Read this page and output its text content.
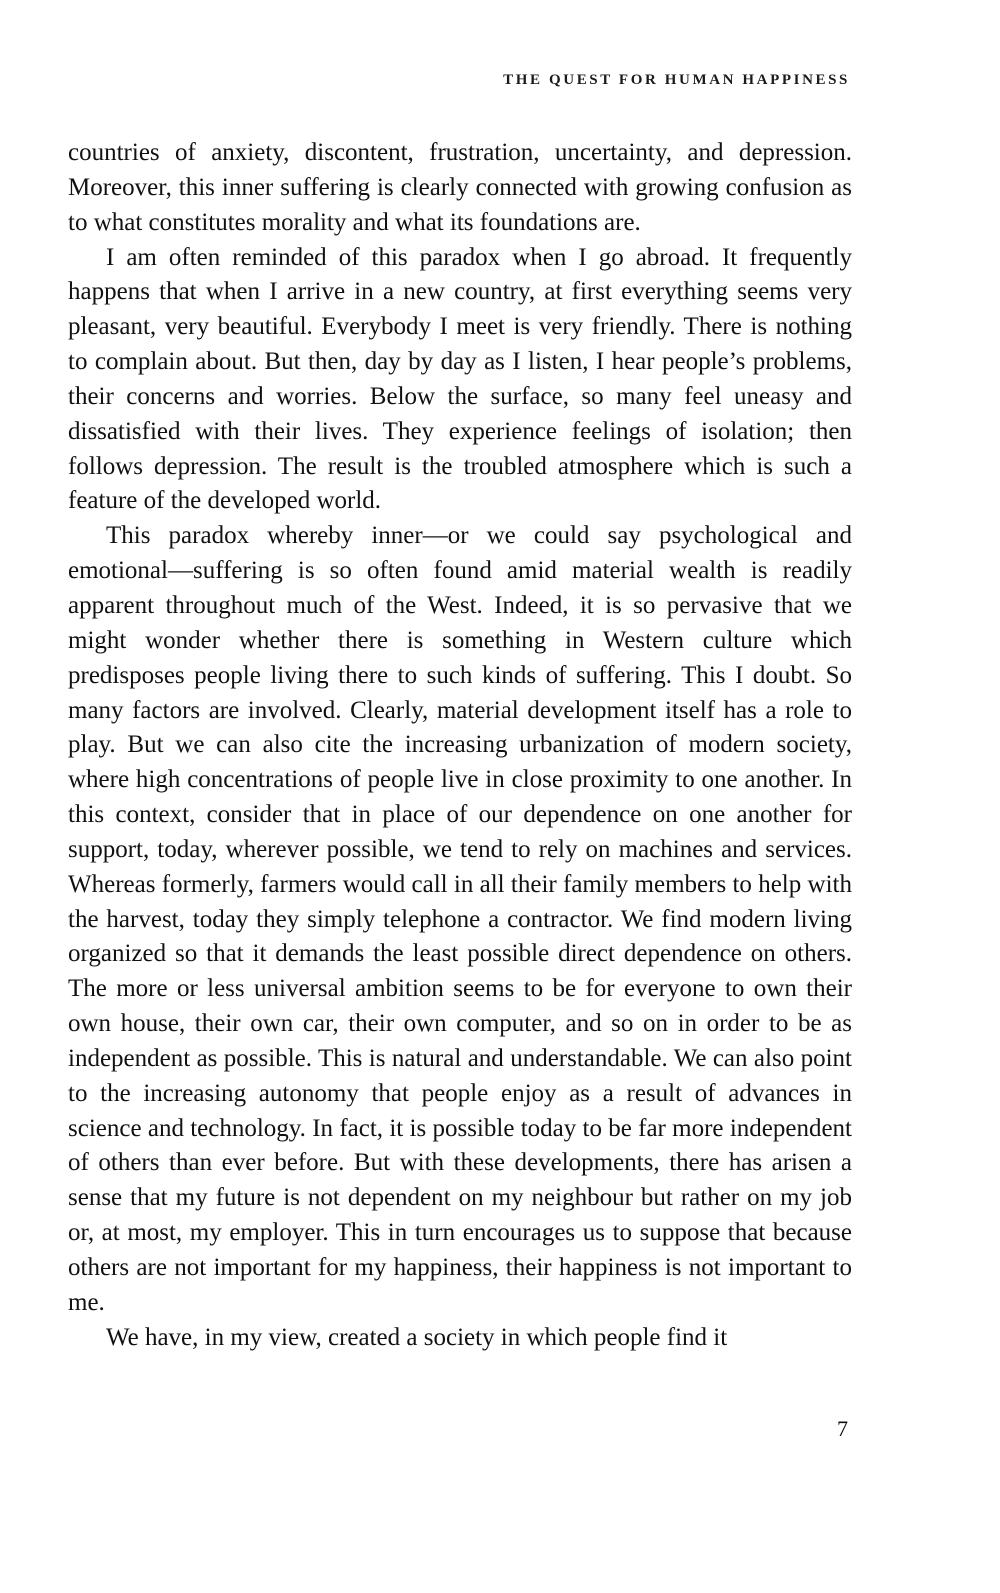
THE QUEST FOR HUMAN HAPPINESS

countries of anxiety, discontent, frustration, uncertainty, and depression. Moreover, this inner suffering is clearly connected with growing confusion as to what constitutes morality and what its foundations are.

I am often reminded of this paradox when I go abroad. It frequently happens that when I arrive in a new country, at first everything seems very pleasant, very beautiful. Everybody I meet is very friendly. There is nothing to complain about. But then, day by day as I listen, I hear people’s problems, their concerns and worries. Below the surface, so many feel uneasy and dissatisfied with their lives. They experience feelings of isolation; then follows depression. The result is the troubled atmosphere which is such a feature of the developed world.

This paradox whereby inner—or we could say psychological and emotional—suffering is so often found amid material wealth is readily apparent throughout much of the West. Indeed, it is so pervasive that we might wonder whether there is something in Western culture which predisposes people living there to such kinds of suffering. This I doubt. So many factors are involved. Clearly, material development itself has a role to play. But we can also cite the increasing urbanization of modern society, where high concentrations of people live in close proximity to one another. In this context, consider that in place of our dependence on one another for support, today, wherever possible, we tend to rely on machines and services. Whereas formerly, farmers would call in all their family members to help with the harvest, today they simply telephone a contractor. We find modern living organized so that it demands the least possible direct dependence on others. The more or less universal ambition seems to be for everyone to own their own house, their own car, their own computer, and so on in order to be as independent as possible. This is natural and understandable. We can also point to the increasing autonomy that people enjoy as a result of advances in science and technology. In fact, it is possible today to be far more independent of others than ever before. But with these developments, there has arisen a sense that my future is not dependent on my neighbour but rather on my job or, at most, my employer. This in turn encourages us to suppose that because others are not important for my happiness, their happiness is not important to me.

We have, in my view, created a society in which people find it

7
